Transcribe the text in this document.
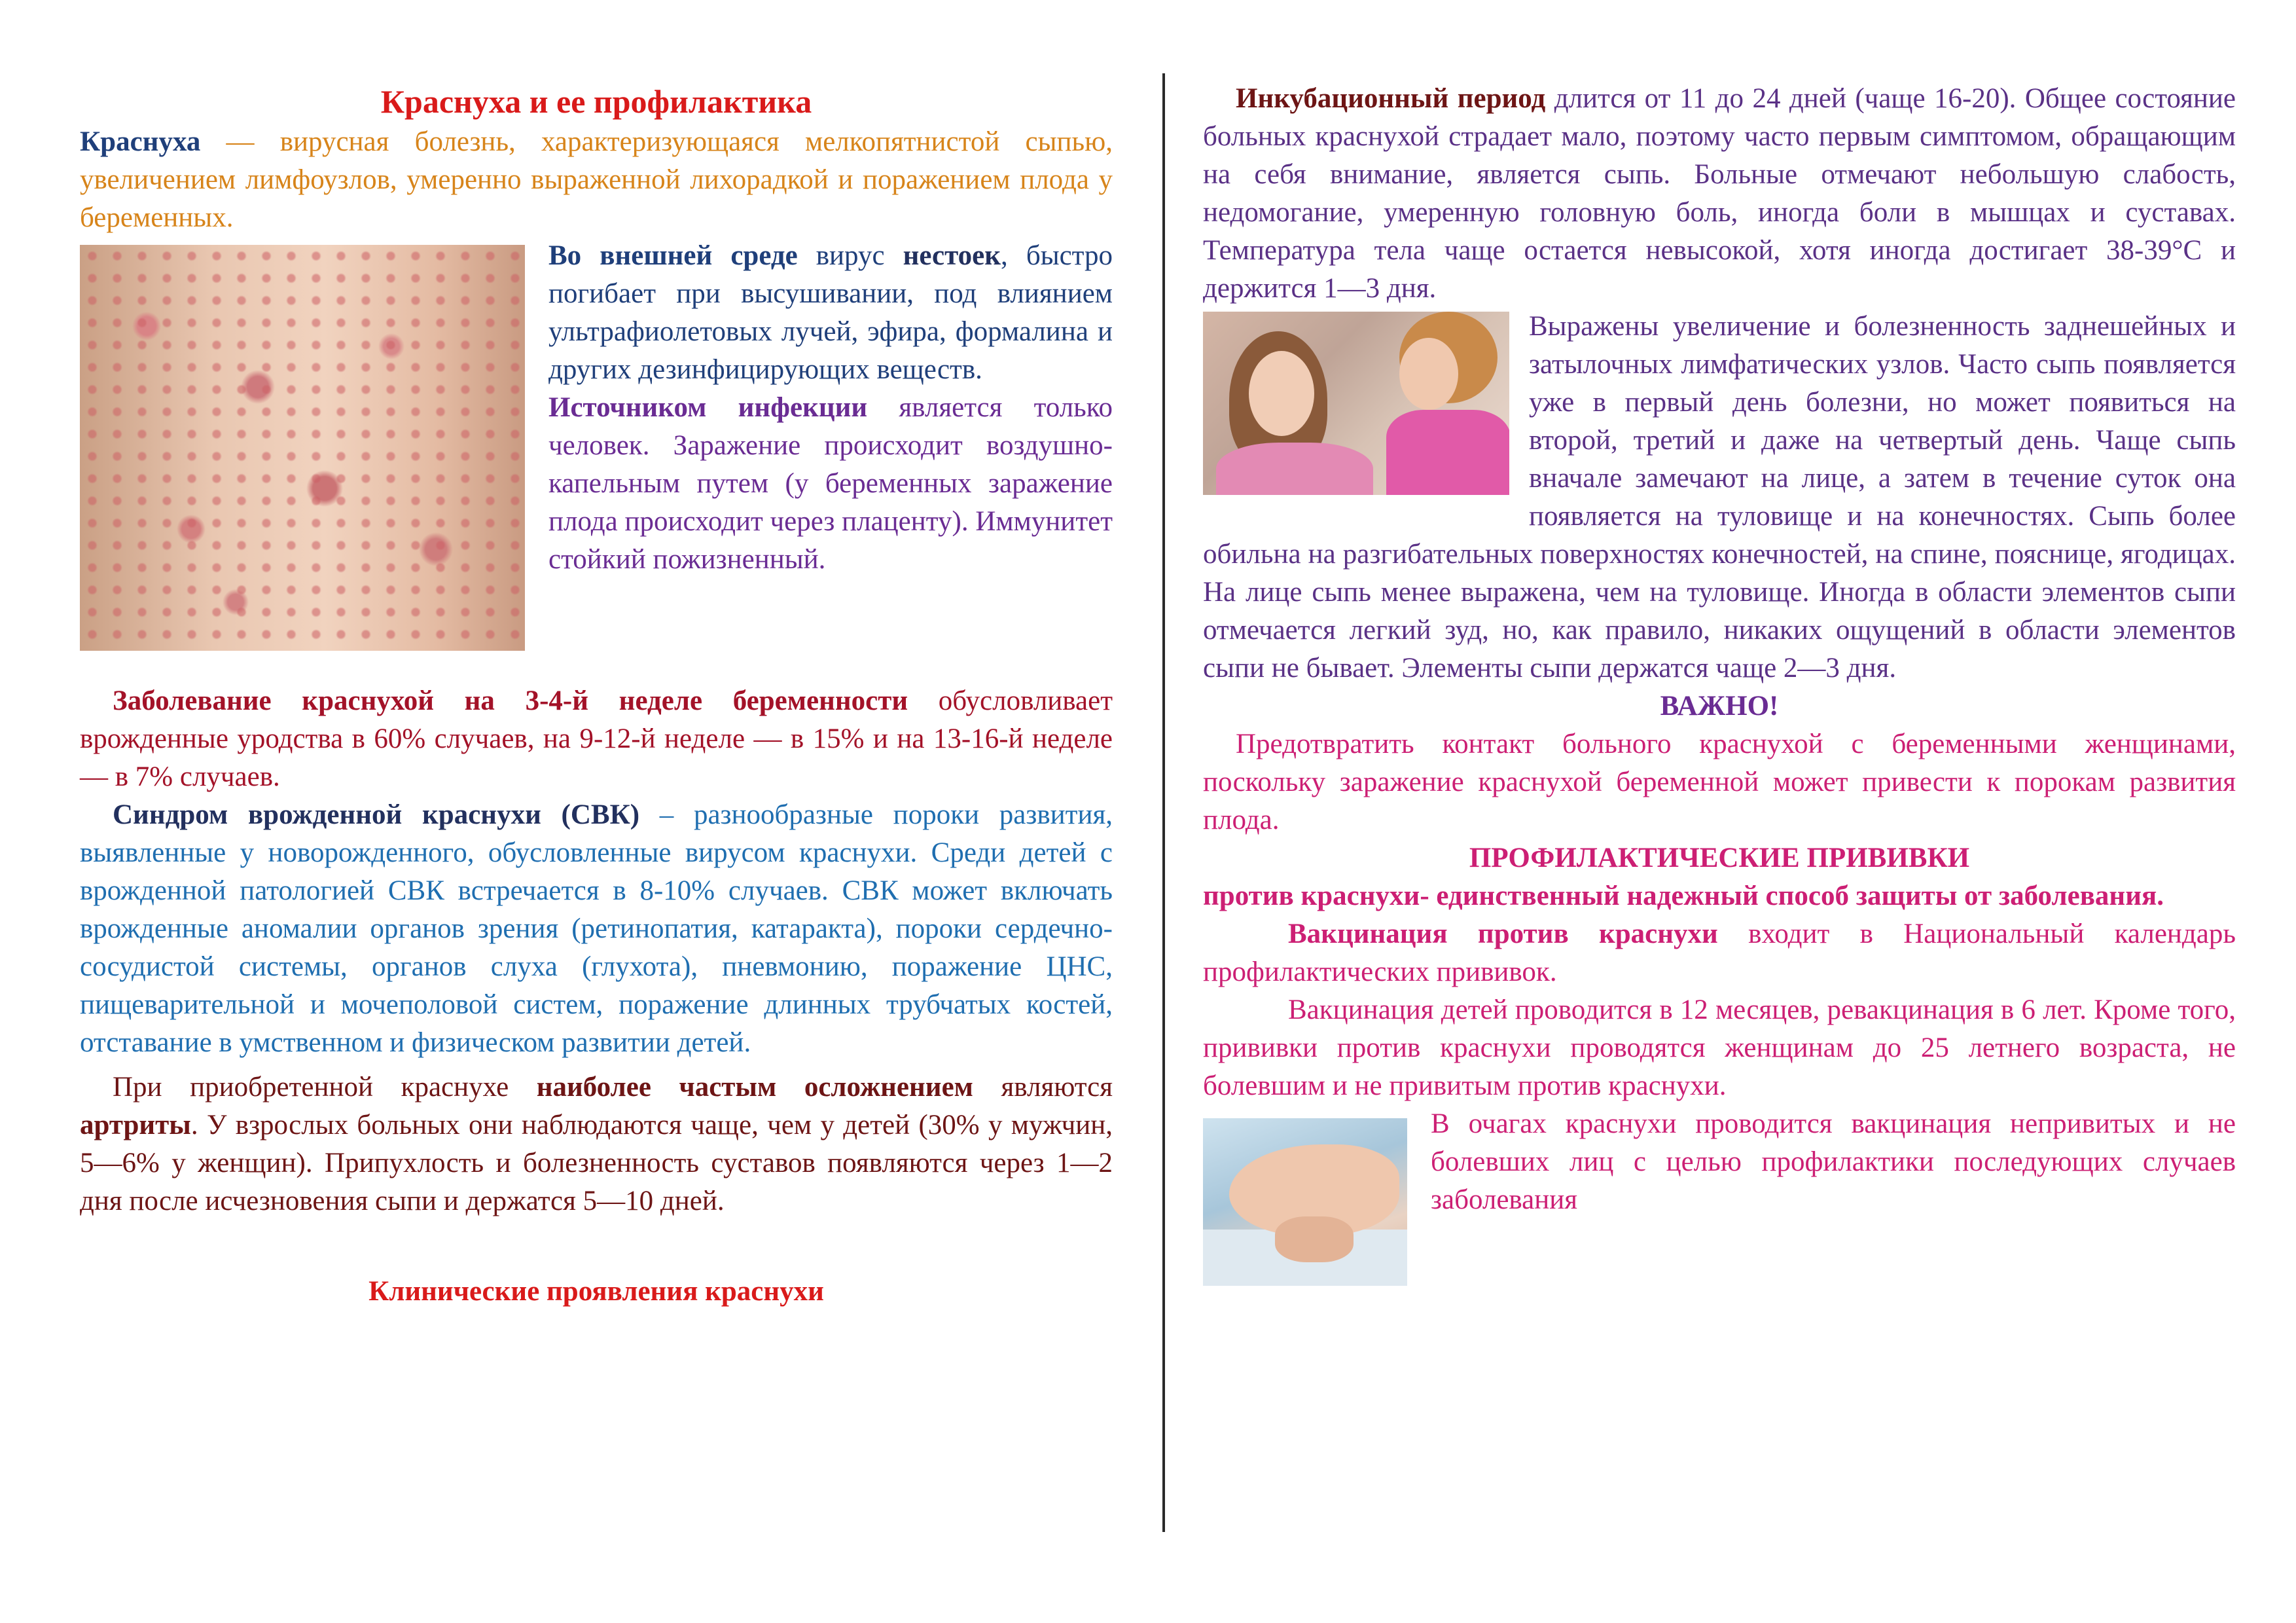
Краснуха и ее профилактика

Краснуха — вирусная болезнь, характеризующаяся мелкопятнистой сыпью, увеличением лимфоузлов, умеренно выраженной лихорадкой и поражением плода у беременных.

Во внешней среде вирус нестоек, быстро погибает при высушивании, под влиянием ультрафиолетовых лучей, эфира, формалина и других дезинфицирующих веществ.

Источником инфекции является только человек. Заражение происходит воздушно-капельным путем (у беременных заражение плода происходит через плаценту). Иммунитет стойкий пожизненный.

Заболевание краснухой на 3-4-й неделе беременности обусловливает врожденные уродства в 60% случаев, на 9-12-й неделе — в 15% и на 13-16-й неделе — в 7% случаев.

Синдром врожденной краснухи (СВК) – разнообразные пороки развития, выявленные у новорожденного, обусловленные вирусом краснухи. Среди детей с врожденной патологией СВК встречается в 8-10% случаев. СВК может включать врожденные аномалии органов зрения (ретинопатия, катаракта), пороки сердечно-сосудистой системы, органов слуха (глухота), пневмонию, поражение ЦНС, пищеварительной и мочеполовой систем, поражение длинных трубчатых костей, отставание в умственном и физическом развитии детей.

При приобретенной краснухе наиболее частым осложнением являются артриты. У взрослых больных они наблюдаются чаще, чем у детей (30% у мужчин, 5—6% у женщин). Припухлость и болезненность суставов появляются через 1—2 дня после исчезновения сыпи и держатся 5—10 дней.

Клинические проявления краснухи

Инкубационный период длится от 11 до 24 дней (чаще 16-20). Общее состояние больных краснухой страдает мало, поэтому часто первым симптомом, обращающим на себя внимание, является сыпь. Больные отмечают небольшую слабость, недомогание, умеренную головную боль, иногда боли в мышцах и суставах. Температура тела чаще остается невысокой, хотя иногда достигает 38-39°С и держится 1—3 дня.

Выражены увеличение и болезненность заднешейных и затылочных лимфатических узлов. Часто сыпь появляется уже в первый день болезни, но может появиться на второй, третий и даже на четвертый день. Чаще сыпь вначале замечают на лице, а затем в течение суток она появляется на туловище и на конечностях. Сыпь более обильна на разгибательных поверхностях конечностей, на спине, пояснице, ягодицах. На лице сыпь менее выражена, чем на туловище. Иногда в области элементов сыпи отмечается легкий зуд, но, как правило, никаких ощущений в области элементов сыпи не бывает. Элементы сыпи держатся чаще 2—3 дня.

ВАЖНО!

Предотвратить контакт больного краснухой с беременными женщинами, поскольку заражение краснухой беременной может привести к порокам развития плода.

ПРОФИЛАКТИЧЕСКИЕ ПРИВИВКИ

против краснухи- единственный надежный способ защиты от заболевания.

Вакцинация против краснухи входит в Национальный календарь профилактических прививок.

Вакцинация детей проводится в 12 месяцев, ревакцинация в 6 лет. Кроме того, прививки против краснухи проводятся женщинам до 25 летнего возраста, не болевшим и не привитым против краснухи.

В очагах краснухи проводится вакцинация непривитых и не болевших лиц с целью профилактики последующих случаев заболевания
